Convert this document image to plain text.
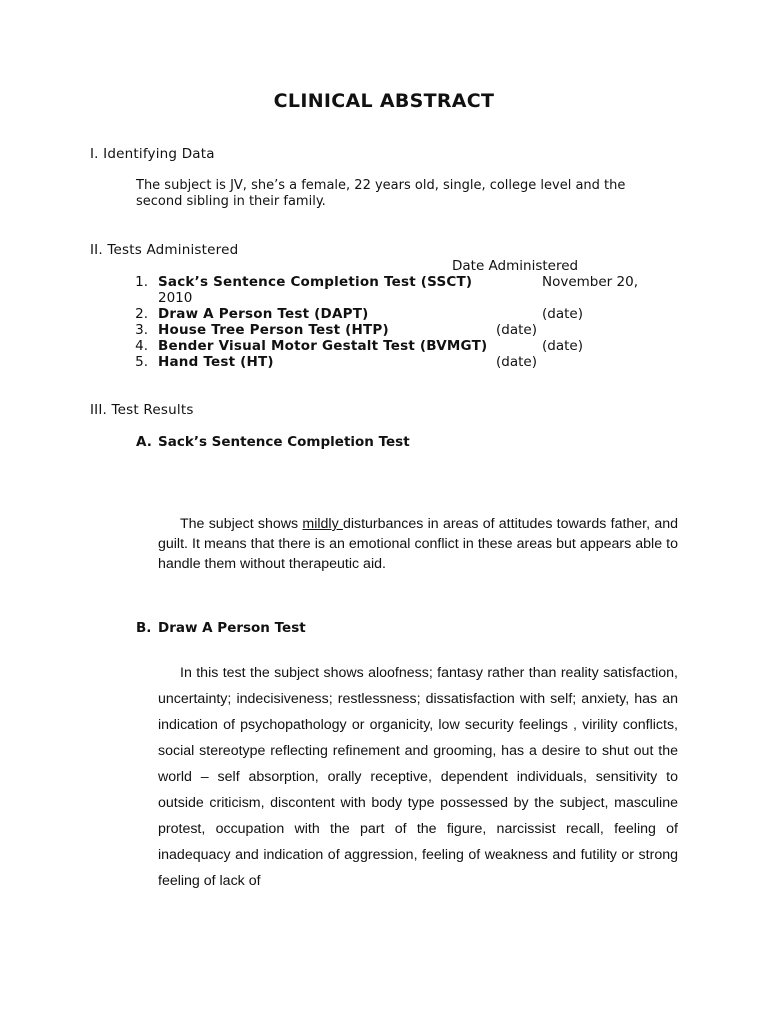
CLINICAL ABSTRACT
I. Identifying Data
The subject is JV, she’s a female, 22 years old, single, college level and the
second sibling in their family.
II. Tests Administered
Date Administered
1. Sack’s Sentence Completion Test (SSCT)	November 20,
2010
2. Draw A Person Test (DAPT)	(date)
3. House Tree Person Test (HTP)	(date)
4. Bender Visual Motor Gestalt Test (BVMGT)	(date)
5. Hand Test (HT)	(date)
III. Test Results
A. Sack’s Sentence Completion Test
The subject shows mildly disturbances in areas of attitudes towards father, and guilt. It means that there is an emotional conflict in these areas but appears able to handle them without therapeutic aid.
B. Draw A Person Test
In this test the subject shows aloofness; fantasy rather than reality satisfaction, uncertainty; indecisiveness; restlessness; dissatisfaction with self; anxiety, has an indication of psychopathology or organicity, low security feelings , virility conflicts, social stereotype reflecting refinement and grooming, has a desire to shut out the world – self absorption, orally receptive, dependent individuals, sensitivity to outside criticism, discontent with body type possessed by the subject, masculine protest, occupation with the part of the figure, narcissist recall, feeling of inadequacy and indication of aggression, feeling of weakness and futility or strong feeling of lack of
